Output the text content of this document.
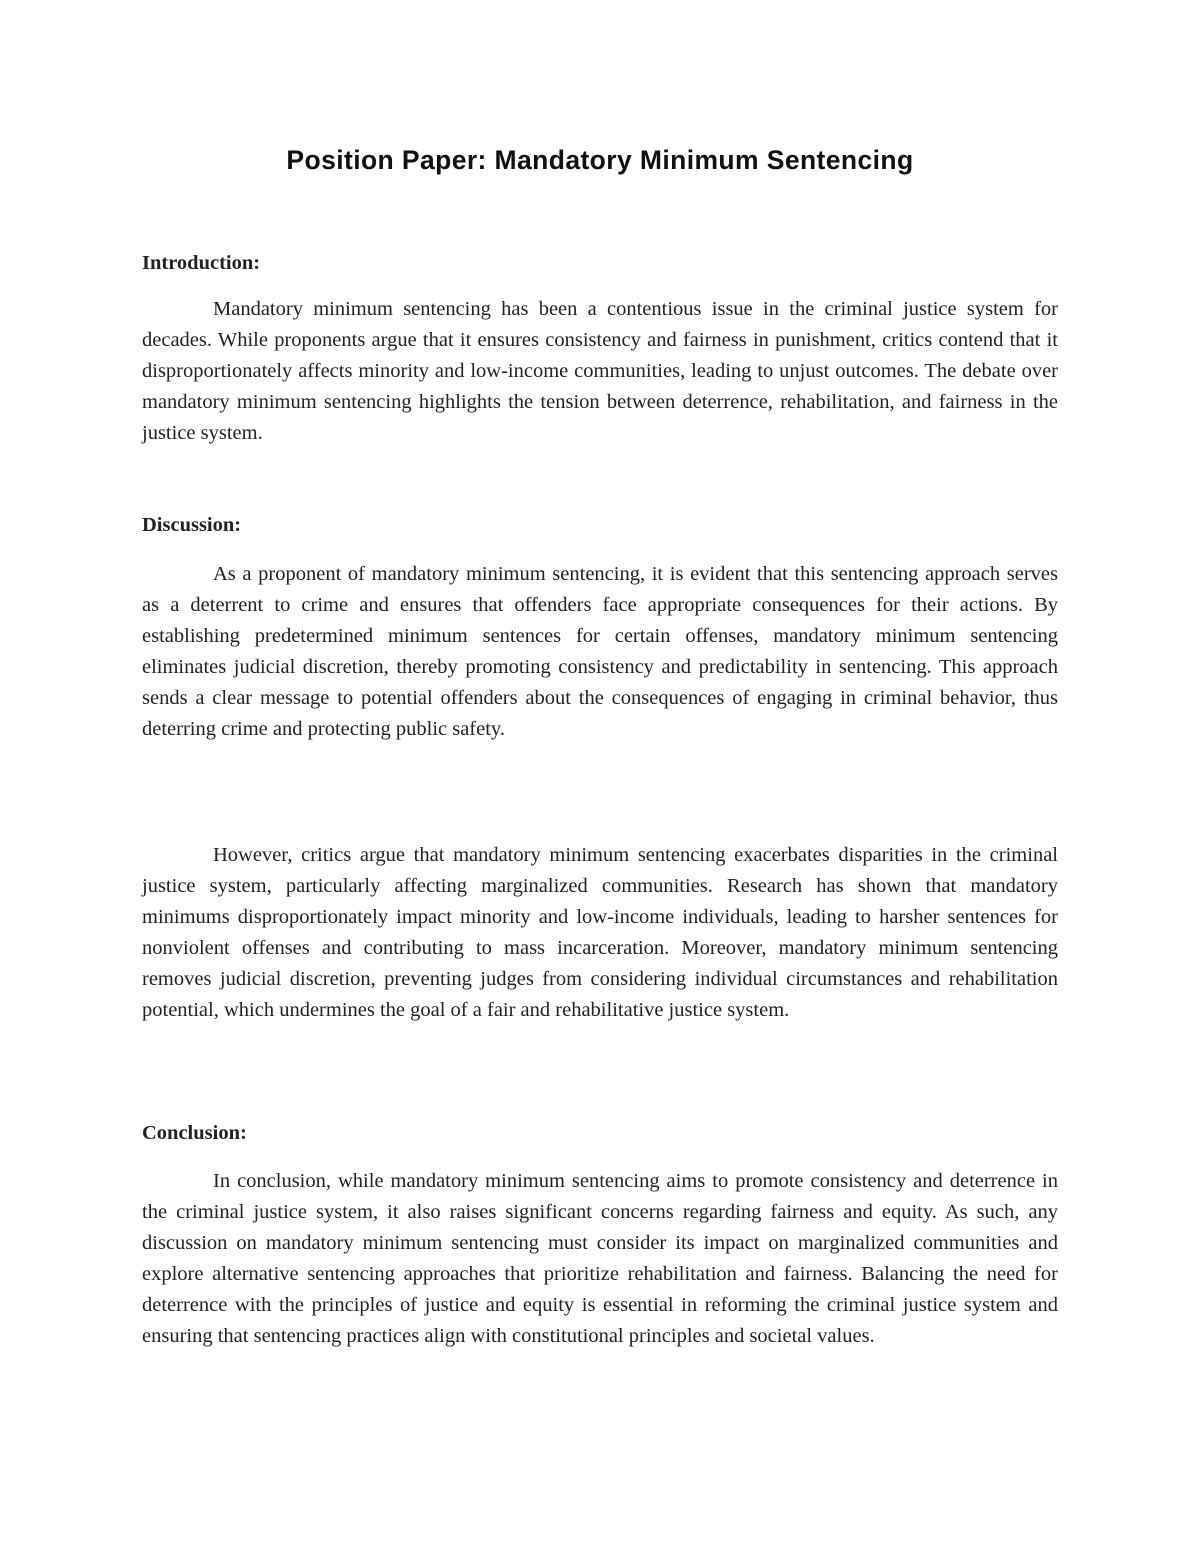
Position Paper: Mandatory Minimum Sentencing
Introduction:

Mandatory minimum sentencing has been a contentious issue in the criminal justice system for decades. While proponents argue that it ensures consistency and fairness in punishment, critics contend that it disproportionately affects minority and low-income communities, leading to unjust outcomes. The debate over mandatory minimum sentencing highlights the tension between deterrence, rehabilitation, and fairness in the justice system.

Discussion:

As a proponent of mandatory minimum sentencing, it is evident that this sentencing approach serves as a deterrent to crime and ensures that offenders face appropriate consequences for their actions. By establishing predetermined minimum sentences for certain offenses, mandatory minimum sentencing eliminates judicial discretion, thereby promoting consistency and predictability in sentencing. This approach sends a clear message to potential offenders about the consequences of engaging in criminal behavior, thus deterring crime and protecting public safety.

However, critics argue that mandatory minimum sentencing exacerbates disparities in the criminal justice system, particularly affecting marginalized communities. Research has shown that mandatory minimums disproportionately impact minority and low-income individuals, leading to harsher sentences for nonviolent offenses and contributing to mass incarceration. Moreover, mandatory minimum sentencing removes judicial discretion, preventing judges from considering individual circumstances and rehabilitation potential, which undermines the goal of a fair and rehabilitative justice system.

Conclusion:

In conclusion, while mandatory minimum sentencing aims to promote consistency and deterrence in the criminal justice system, it also raises significant concerns regarding fairness and equity. As such, any discussion on mandatory minimum sentencing must consider its impact on marginalized communities and explore alternative sentencing approaches that prioritize rehabilitation and fairness. Balancing the need for deterrence with the principles of justice and equity is essential in reforming the criminal justice system and ensuring that sentencing practices align with constitutional principles and societal values.
